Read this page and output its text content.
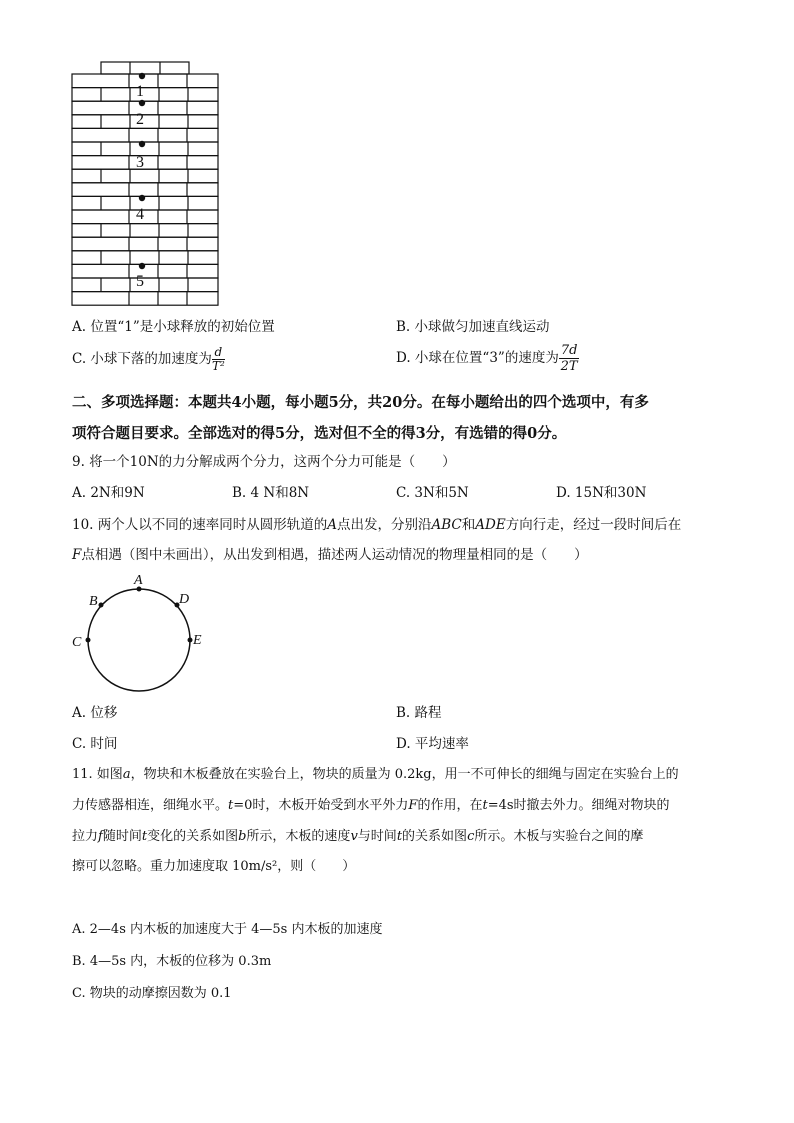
1
2
3
4
5
A. 位置“1”是小球释放的初始位置	B. 小球做匀加速直线运动
C. 小球下落的加速度为 $\frac{d}{\text{T²}}$	D. 小球在位置“3”的速度为 $\frac{7d}{2T}$
二、多项选择题：本题共4小题，每小题5分，共20分。在每小题给出的四个选项中，有多
项符合题目要求。全部选对的得5分，选对但不全的得3分，有选错的得0分。
9. 将一个10N的力分解成两个分力，这两个分力可能是（　　）
A. 2N和9N	B. 4 N和8N	C. 3N和5N	D. 15N和30N
10. 两个人以不同的速率同时从圆形轨道的A点出发，分别沿ABC和ADE方向行走，经过一段时间后在
F点相遇（图中未画出），从出发到相遇，描述两人运动情况的物理量相同的是（　　）
A
B
C
D
E
A. 位移	B. 路程
C. 时间	D. 平均速率
11. 如图a，物块和木板叠放在实验台上，物块的质量为 0.2kg，用一不可伸长的细绳与固定在实验台上的
力传感器相连，细绳水平。t=0时，木板开始受到水平外力F的作用，在t=4s时撤去外力。细绳对物块的
拉力f随时间t变化的关系如图b所示，木板的速度v与时间t的关系如图c所示。木板与实验台之间的摩
擦可以忽略。重力加速度取 10m/s²，则（　　）
A. 2—4s 内木板的加速度大于 4—5s 内木板的加速度
B. 4—5s 内，木板的位移为 0.3m
C. 物块的动摩擦因数为 0.1
